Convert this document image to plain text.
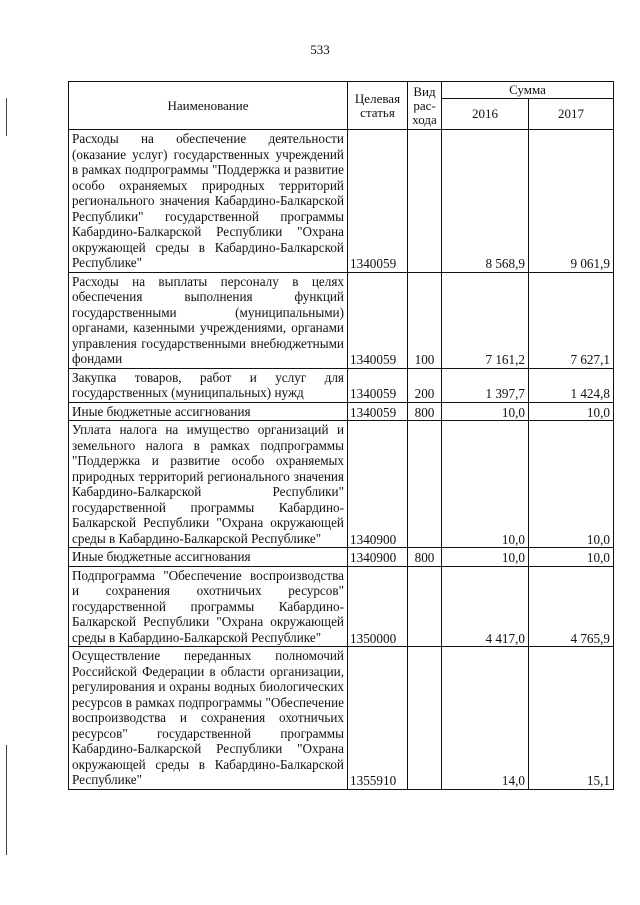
533
Наименование	Целевая статья	Вид рас-хода	Сумма	
			2016	2017
Расходы на обеспечение деятельности (оказание услуг) государственных учреждений в рамках подпрограммы "Поддержка и развитие особо охраняемых природных территорий регионального значения Кабардино-Балкарской Республики" государственной программы Кабардино-Балкарской Республики "Охрана окружающей среды в Кабардино-Балкарской Республике"	1340059		8 568,9	9 061,9
Расходы на выплаты персоналу в целях обеспечения выполнения функций государственными (муниципальными) органами, казенными учреждениями, органами управления государственными внебюджетными фондами	1340059	100	7 161,2	7 627,1
Закупка товаров, работ и услуг для государственных (муниципальных) нужд	1340059	200	1 397,7	1 424,8
Иные бюджетные ассигнования	1340059	800	10,0	10,0
Уплата налога на имущество организаций и земельного налога в рамках подпрограммы "Поддержка и развитие особо охраняемых природных территорий регионального значения Кабардино-Балкарской Республики" государственной программы Кабардино-Балкарской Республики "Охрана окружающей среды в Кабардино-Балкарской Республике"	1340900		10,0	10,0
Иные бюджетные ассигнования	1340900	800	10,0	10,0
Подпрограмма "Обеспечение воспроизводства и сохранения охотничьих ресурсов" государственной программы Кабардино-Балкарской Республики "Охрана окружающей среды в Кабардино-Балкарской Республике"	1350000		4 417,0	4 765,9
Осуществление переданных полномочий Российской Федерации в области организации, регулирования и охраны водных биологических ресурсов в рамках подпрограммы "Обеспечение воспроизводства и сохранения охотничьих ресурсов" государственной программы Кабардино-Балкарской Республики "Охрана окружающей среды в Кабардино-Балкарской Республике"	1355910		14,0	15,1
